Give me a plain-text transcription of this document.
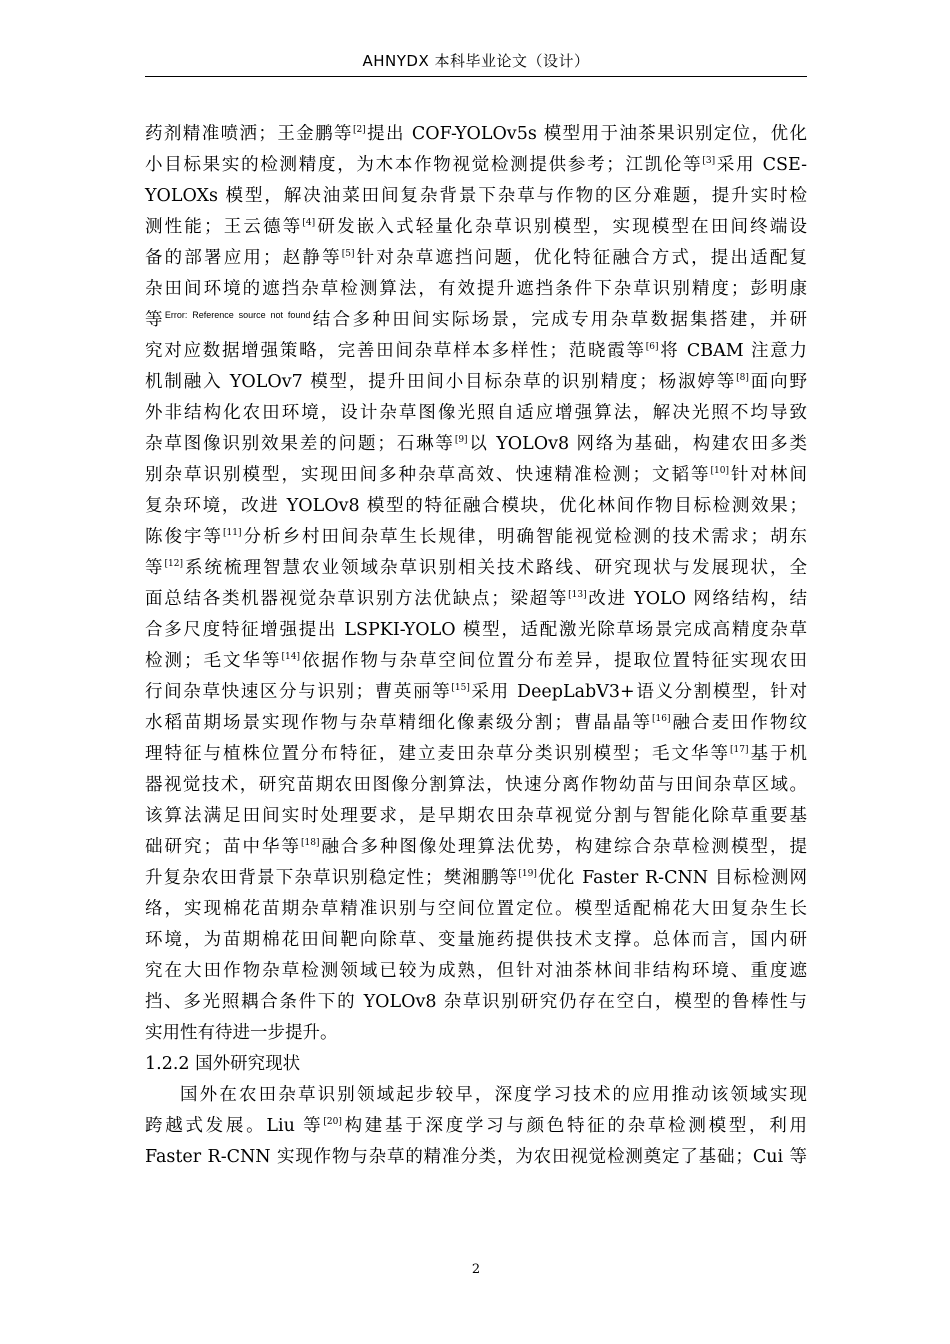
AHNYDX 本科毕业论文（设计）
药剂精准喷洒；王金鹏等[2]提出 COF-YOLOv5s 模型用于油茶果识别定位，优化
小目标果实的检测精度，为木本作物视觉检测提供参考；江凯伦等[3]采用 CSE-
YOLOXs 模型，解决油菜田间复杂背景下杂草与作物的区分难题，提升实时检
测性能；王云德等[4]研发嵌入式轻量化杂草识别模型，实现模型在田间终端设
备的部署应用；赵静等[5]针对杂草遮挡问题，优化特征融合方式，提出适配复
杂田间环境的遮挡杂草检测算法，有效提升遮挡条件下杂草识别精度；彭明康
等$^{Error: Reference source not found}$结合多种田间实际场景，完成专用杂草数据集搭建，并研
究对应数据增强策略，完善田间杂草样本多样性；范晓霞等[6]将 CBAM 注意力
机制融入 YOLOv7 模型，提升田间小目标杂草的识别精度；杨淑婷等[8]面向野
外非结构化农田环境，设计杂草图像光照自适应增强算法，解决光照不均导致
杂草图像识别效果差的问题；石琳等[9]以 YOLOv8 网络为基础，构建农田多类
别杂草识别模型，实现田间多种杂草高效、快速精准检测；文韬等[10]针对林间
复杂环境，改进 YOLOv8 模型的特征融合模块，优化林间作物目标检测效果；
陈俊宇等[11]分析乡村田间杂草生长规律，明确智能视觉检测的技术需求；胡东
等[12]系统梳理智慧农业领域杂草识别相关技术路线、研究现状与发展现状，全
面总结各类机器视觉杂草识别方法优缺点；梁超等[13]改进 YOLO 网络结构，结
合多尺度特征增强提出 LSPKI-YOLO 模型，适配激光除草场景完成高精度杂草
检测；毛文华等[14]依据作物与杂草空间位置分布差异，提取位置特征实现农田
行间杂草快速区分与识别；曹英丽等[15]采用 DeepLabV3+语义分割模型，针对
水稻苗期场景实现作物与杂草精细化像素级分割；曹晶晶等[16]融合麦田作物纹
理特征与植株位置分布特征，建立麦田杂草分类识别模型；毛文华等[17]基于机
器视觉技术，研究苗期农田图像分割算法，快速分离作物幼苗与田间杂草区域。
该算法满足田间实时处理要求，是早期农田杂草视觉分割与智能化除草重要基
础研究；苗中华等[18]融合多种图像处理算法优势，构建综合杂草检测模型，提
升复杂农田背景下杂草识别稳定性；樊湘鹏等[19]优化 Faster R-CNN 目标检测网
络，实现棉花苗期杂草精准识别与空间位置定位。模型适配棉花大田复杂生长
环境，为苗期棉花田间靶向除草、变量施药提供技术支撑。总体而言，国内研
究在大田作物杂草检测领域已较为成熟，但针对油茶林间非结构环境、重度遮
挡、多光照耦合条件下的 YOLOv8 杂草识别研究仍存在空白，模型的鲁棒性与
实用性有待进一步提升。
1.2.2 国外研究现状
国外在农田杂草识别领域起步较早，深度学习技术的应用推动该领域实现
跨越式发展。Liu 等[20]构建基于深度学习与颜色特征的杂草检测模型，利用
Faster R-CNN 实现作物与杂草的精准分类，为农田视觉检测奠定了基础；Cui 等
2
